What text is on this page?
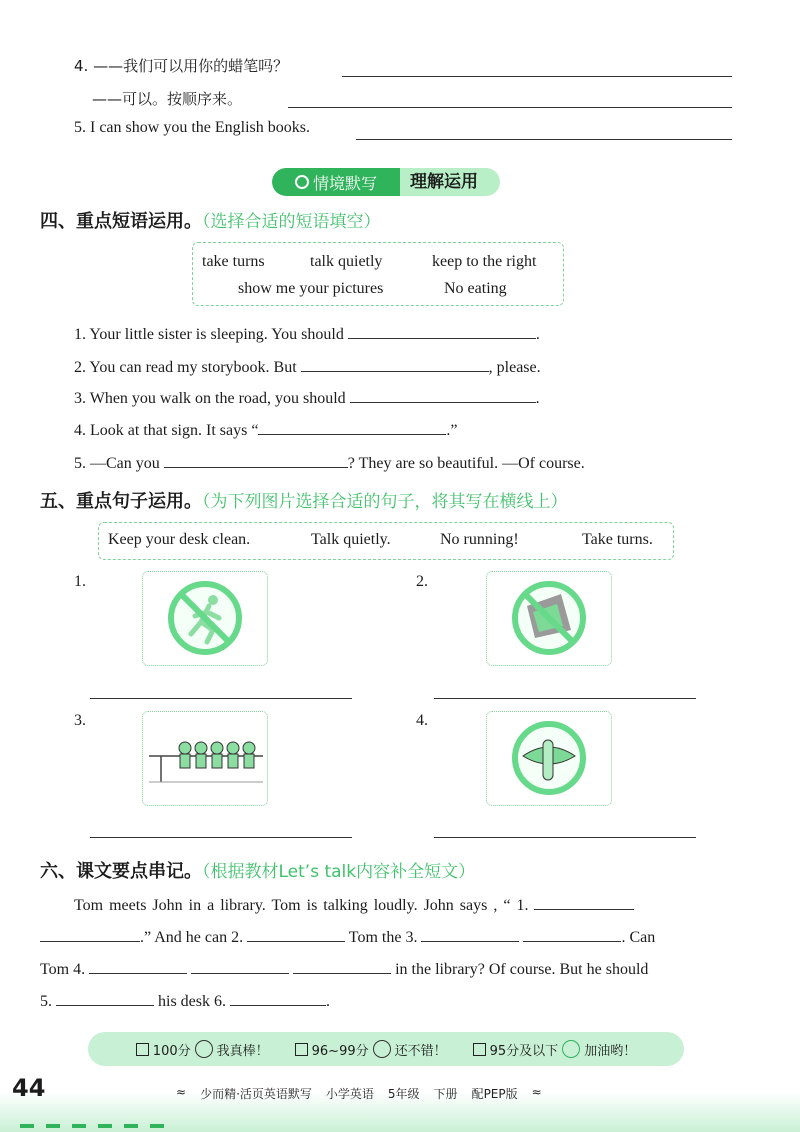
4. ——我们可以用你的蜡笔吗？
——可以。按顺序来。
5. I can show you the English books.
情境默写 理解运用
四、重点短语运用。（选择合适的短语填空）
take turns	talk quietly	keep to the right
show me your pictures	No eating
1. Your little sister is sleeping. You should	.
2. You can read my storybook. But	, please.
3. When you walk on the road, you should	.
4. Look at that sign. It says “	.”
5. —Can you	? They are so beautiful. —Of course.
五、重点句子运用。（为下列图片选择合适的句子，将其写在横线上）
Keep your desk clean.	Talk quietly.	No running!	Take turns.
1.	2.
3.	4.
六、课文要点串记。（根据教材Let’s talk内容补全短文）
Tom meets John in a library. Tom is talking loudly. John says , “ 1.
.” And he can 2.	Tom the 3.	. Can
Tom 4.	in the library? Of course. But he should
5.	his desk 6.	.
100分 我真棒！	96~99分 还不错！	95分及以下 加油哟！
44	≈ 少而精·活页英语默写 小学英语 5年级 下册 配PEP版 ≈
